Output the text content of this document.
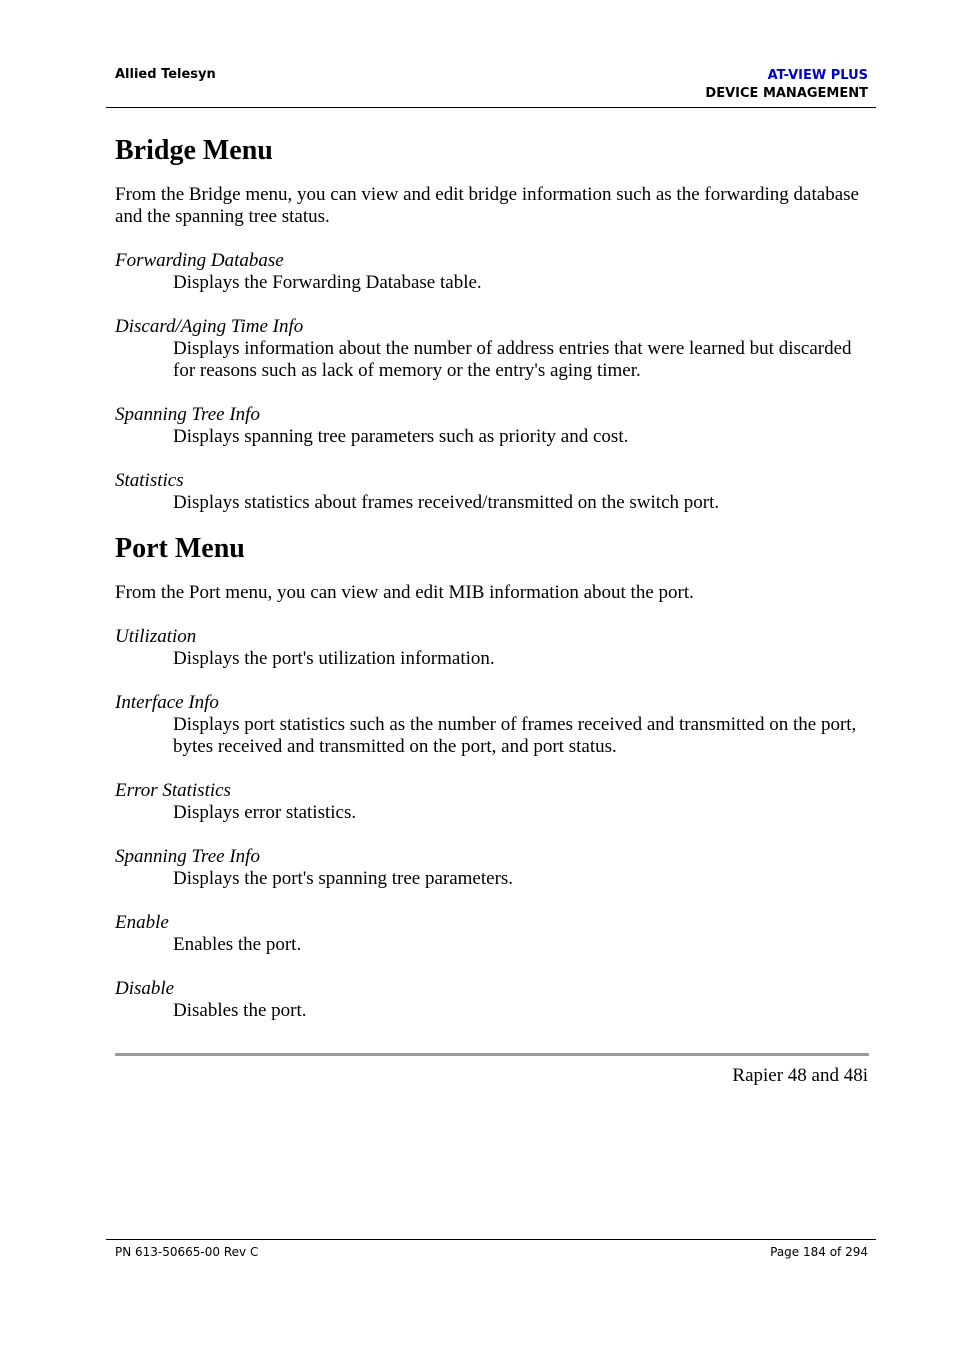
Allied Telesyn	AT-VIEW PLUS
DEVICE MANAGEMENT
Bridge Menu

From the Bridge menu, you can view and edit bridge information such as the forwarding database and the spanning tree status.

Forwarding Database
Displays the Forwarding Database table.
Discard/Aging Time Info
Displays information about the number of address entries that were learned but discarded for reasons such as lack of memory or the entry's aging timer.
Spanning Tree Info
Displays spanning tree parameters such as priority and cost.
Statistics
Displays statistics about frames received/transmitted on the switch port.
Port Menu

From the Port menu, you can view and edit MIB information about the port.

Utilization
Displays the port's utilization information.
Interface Info
Displays port statistics such as the number of frames received and transmitted on the port, bytes received and transmitted on the port, and port status.
Error Statistics
Displays error statistics.
Spanning Tree Info
Displays the port's spanning tree parameters.
Enable
Enables the port.
Disable
Disables the port.
Rapier 48 and 48i
PN 613-50665-00 Rev C	Page 184 of 294
